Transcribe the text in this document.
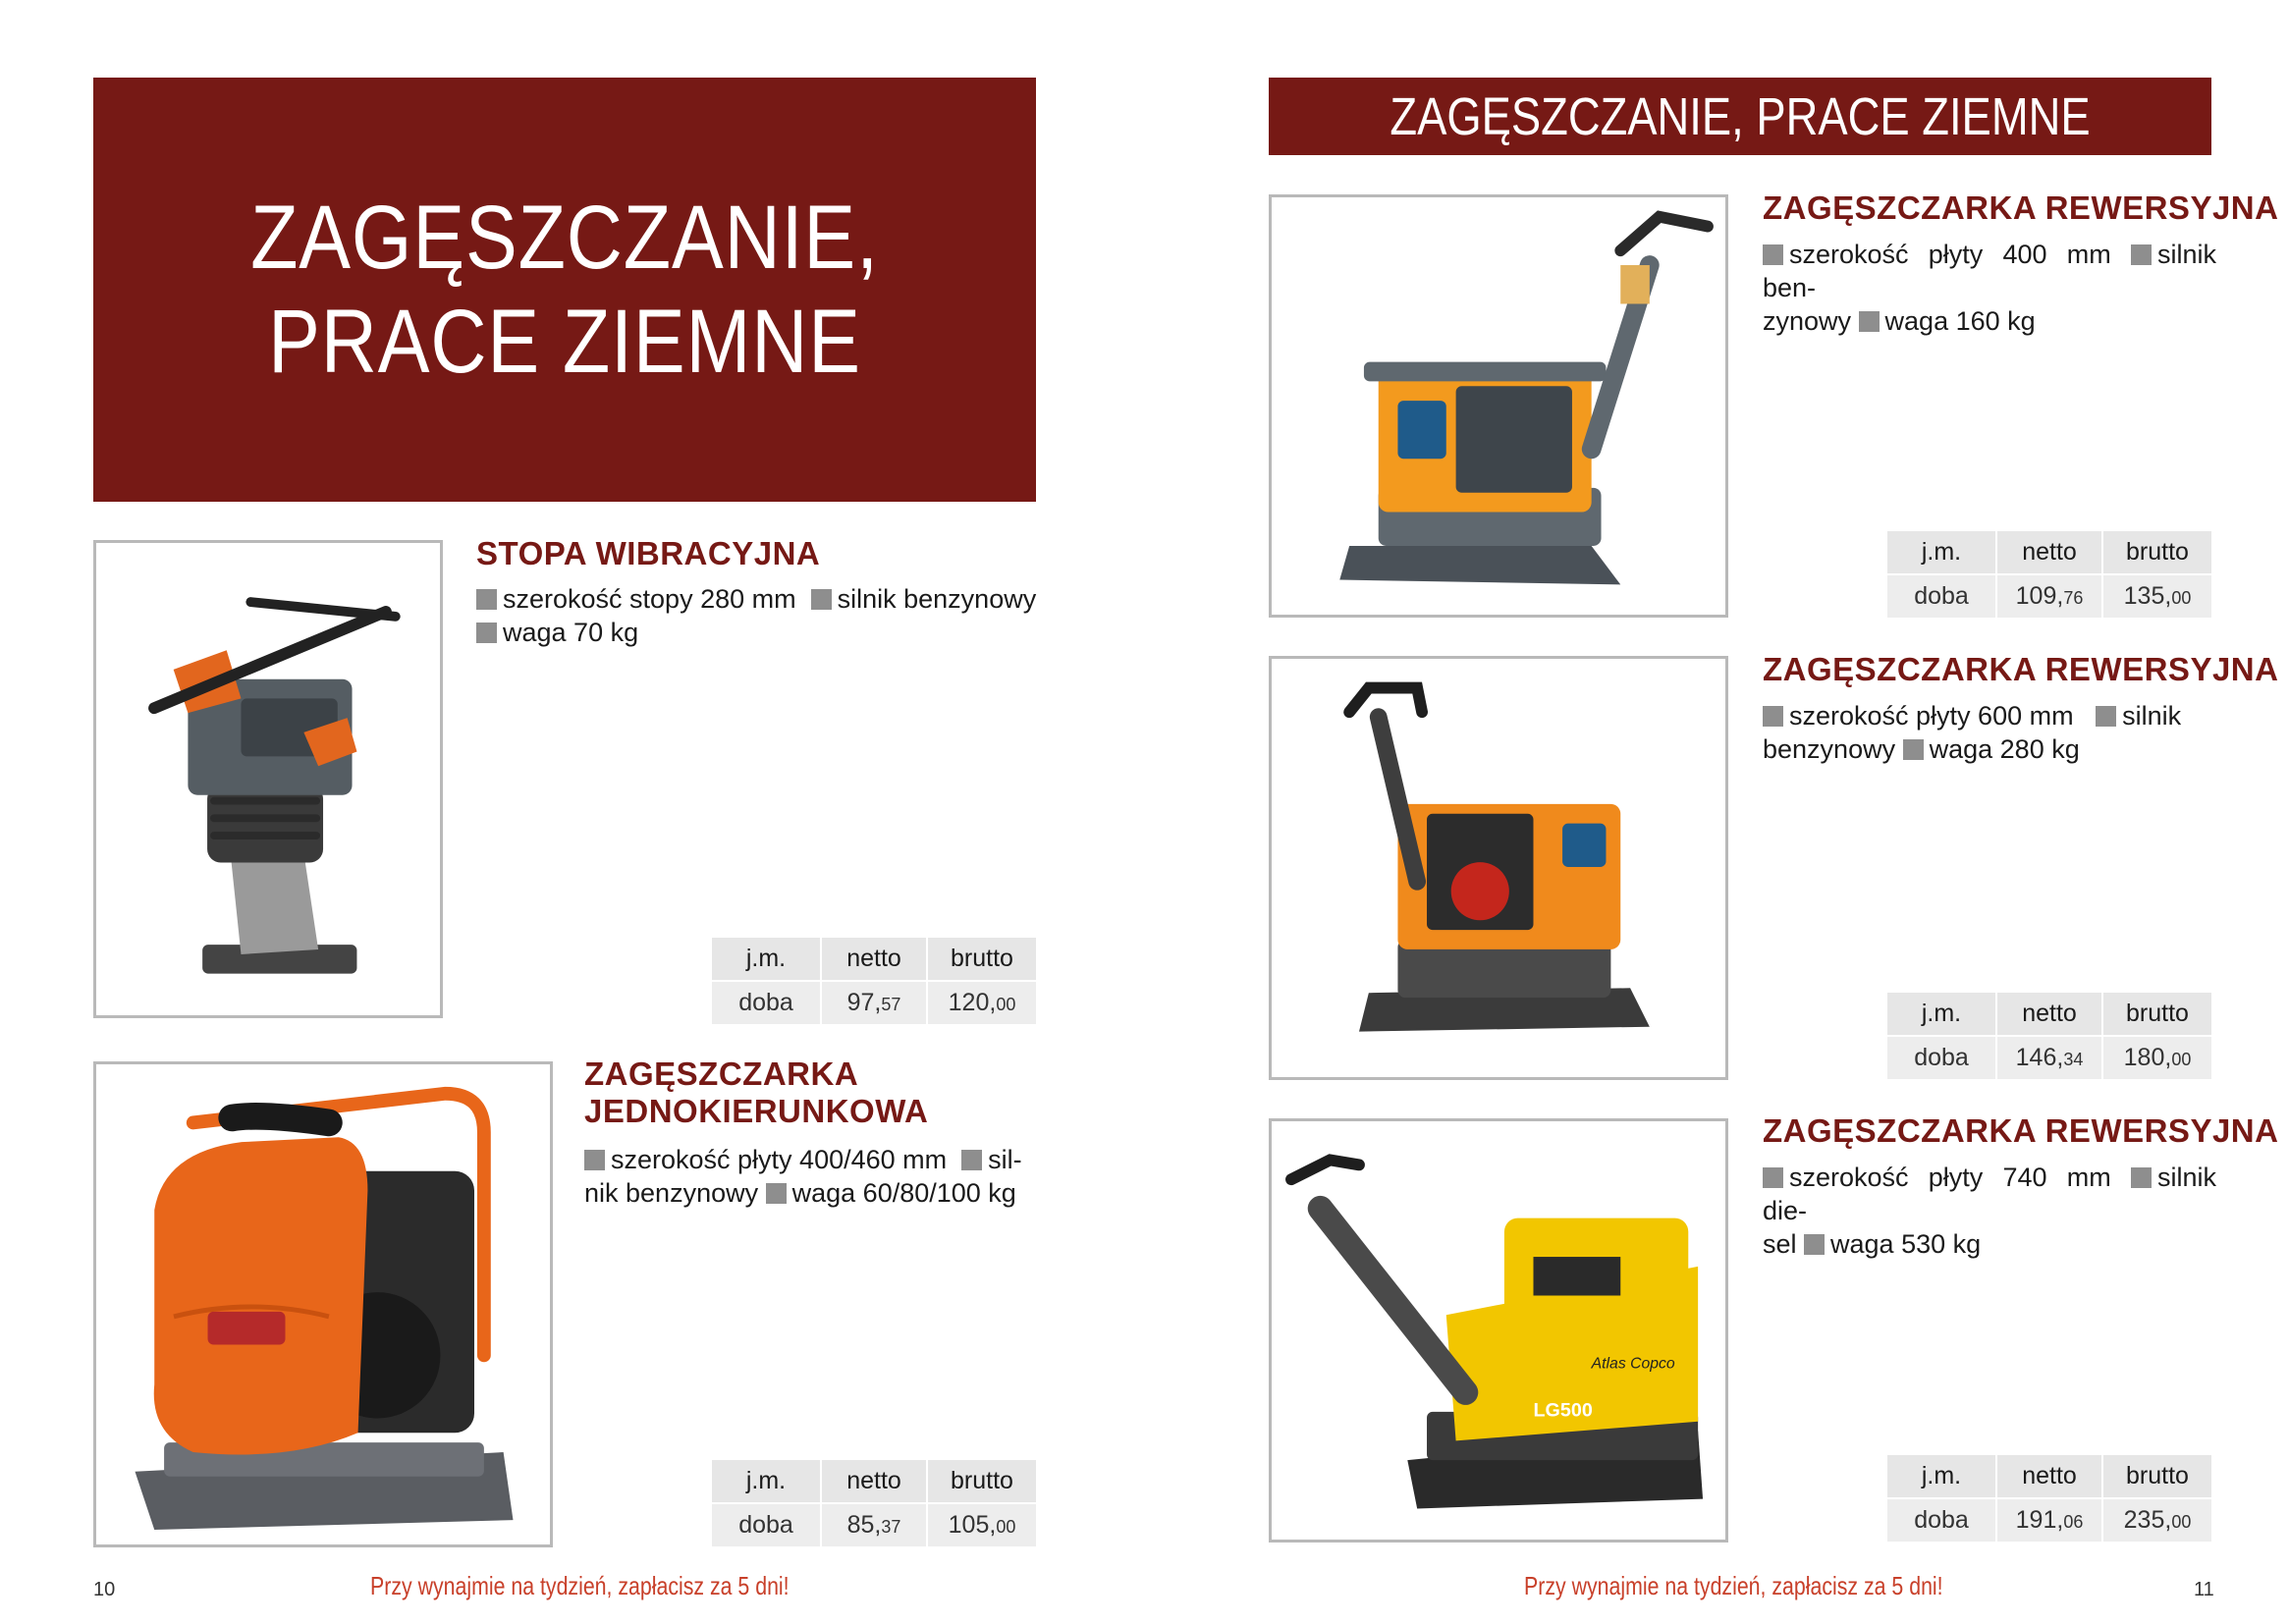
ZAGĘSZCZANIE,
PRACE ZIEMNE
STOPA WIBRACYJNA
szerokość stopy 280 mm silnik benzynowy
waga 70 kg
j.m.	netto	brutto
doba	97,57	120,00
ZAGĘSZCZARKA
JEDNOKIERUNKOWA
szerokość płyty 400/460 mm sil-
nik benzynowy waga 60/80/100 kg
j.m.	netto	brutto
doba	85,37	105,00
10	Przy wynajmie na tydzień, zapłacisz za 5 dni!
ZAGĘSZCZANIE, PRACE ZIEMNE
ZAGĘSZCZARKA REWERSYJNA
szerokość płyty 400 mm silnik ben-
zynowy waga 160 kg
j.m.	netto	brutto
doba	109,76	135,00
ZAGĘSZCZARKA REWERSYJNA
szerokość płyty 600 mm silnik
benzynowy waga 280 kg
j.m.	netto	brutto
doba	146,34	180,00
LG500
Atlas Copco
ZAGĘSZCZARKA REWERSYJNA
szerokość płyty 740 mm silnik die-
sel waga 530 kg
j.m.	netto	brutto
doba	191,06	235,00
Przy wynajmie na tydzień, zapłacisz za 5 dni!	11
